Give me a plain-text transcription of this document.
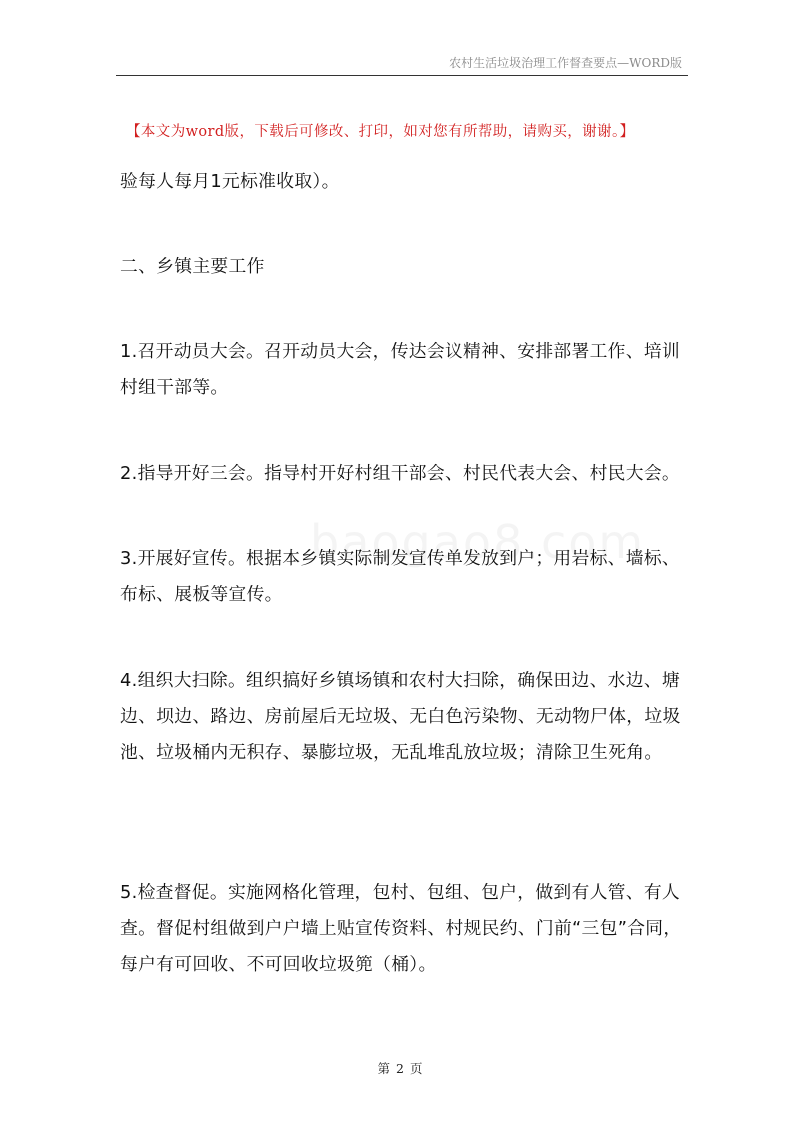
农村生活垃圾治理工作督查要点—WORD版
【本文为word版，下载后可修改、打印，如对您有所帮助，请购买，谢谢。】

验每人每月1元标准收取）。

二、乡镇主要工作

1.召开动员大会。召开动员大会，传达会议精神、安排部署工作、培训村组干部等。

2.指导开好三会。指导村开好村组干部会、村民代表大会、村民大会。

3.开展好宣传。根据本乡镇实际制发宣传单发放到户；用岩标、墙标、布标、展板等宣传。

4.组织大扫除。组织搞好乡镇场镇和农村大扫除，确保田边、水边、塘边、坝边、路边、房前屋后无垃圾、无白色污染物、无动物尸体，垃圾池、垃圾桶内无积存、暴膨垃圾，无乱堆乱放垃圾；清除卫生死角。

5.检查督促。实施网格化管理，包村、包组、包户，做到有人管、有人查。督促村组做到户户墙上贴宣传资料、村规民约、门前“三包”合同，每户有可回收、不可回收垃圾篼（桶）。

第 2 页
